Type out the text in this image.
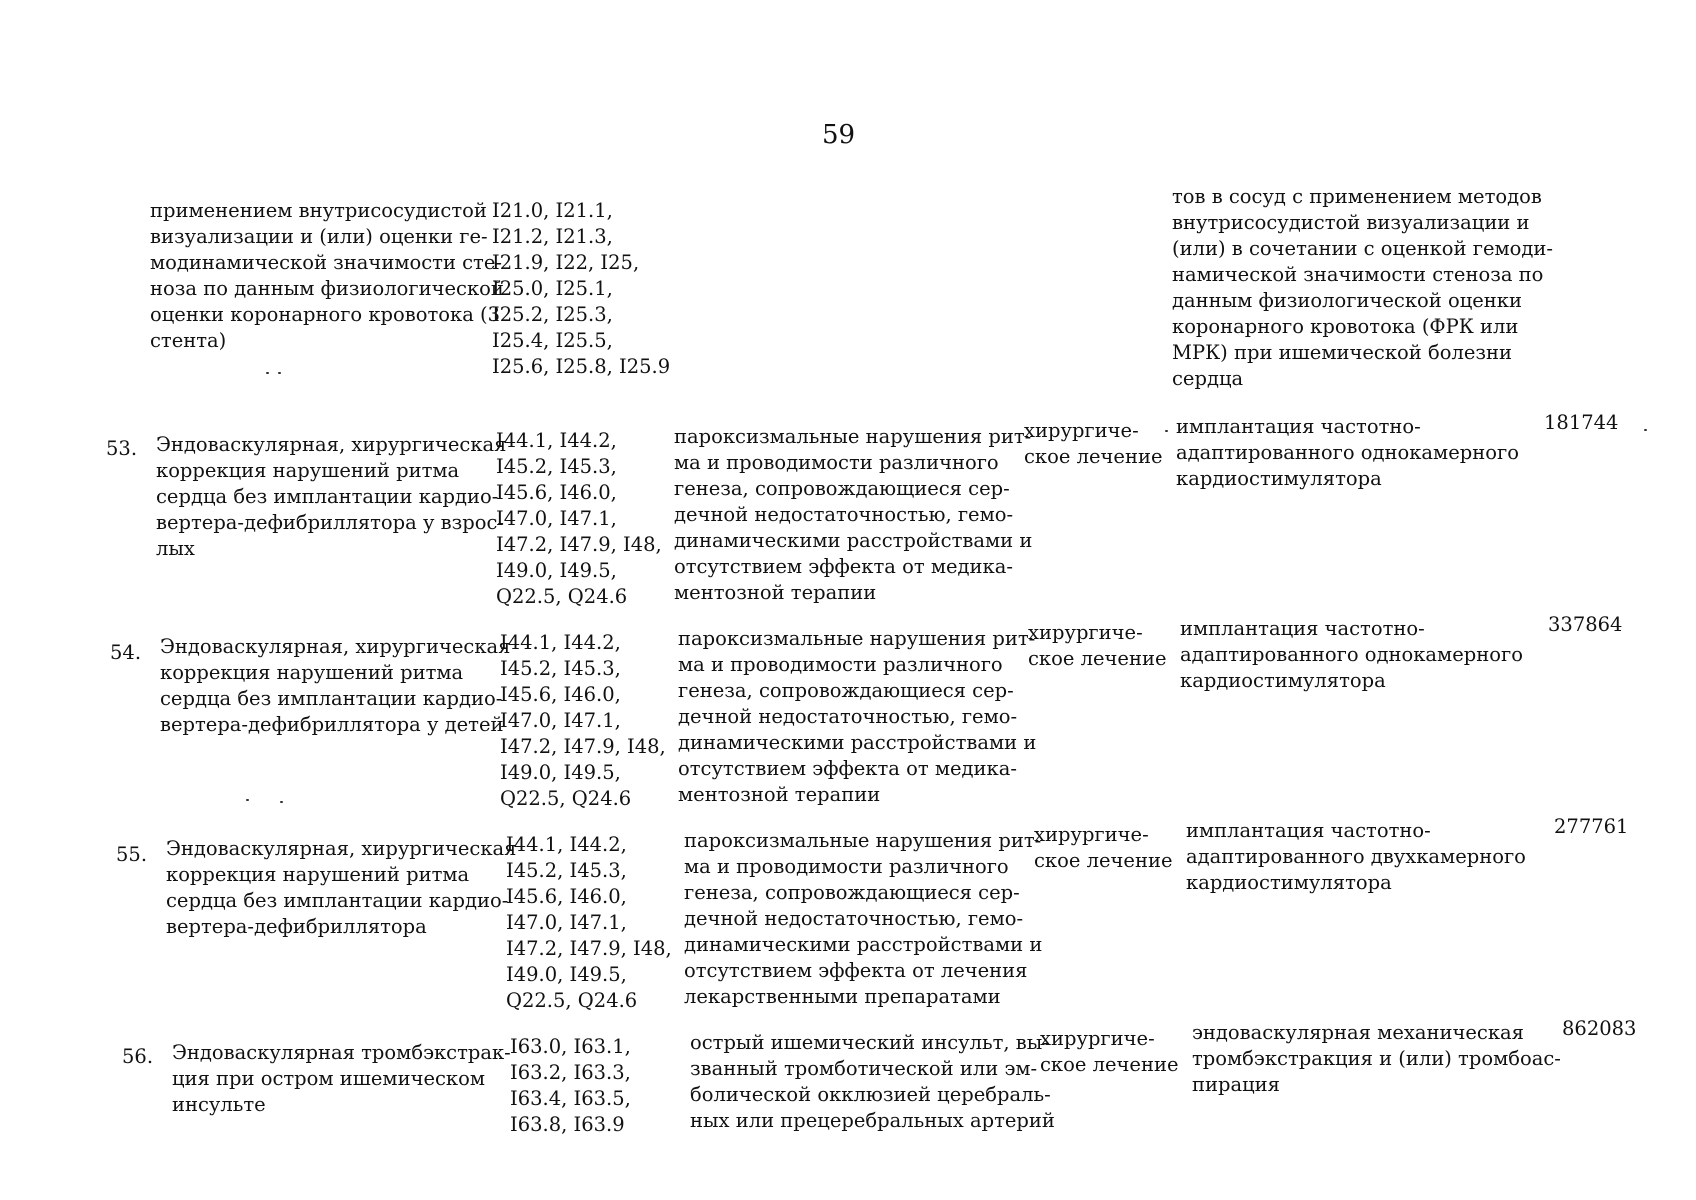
59
применением внутрисосудистой
визуализации и (или) оценки ге-
модинамической значимости сте-
ноза по данным физиологической
оценки коронарного кровотока (3
стента)
I21.0, I21.1,
I21.2, I21.3,
I21.9, I22, I25,
I25.0, I25.1,
I25.2, I25.3,
I25.4, I25.5,
I25.6, I25.8, I25.9
тов в сосуд с применением методов
внутрисосудистой визуализации и
(или) в сочетании с оценкой гемоди-
намической значимости стеноза по
данным физиологической оценки
коронарного кровотока (ФРК или
МРК) при ишемической болезни
сердца
53. Эндоваскулярная, хирургическая
коррекция нарушений ритма
сердца без имплантации кардио-
вертера-дефибриллятора у взрос-
лых
I44.1, I44.2,
I45.2, I45.3,
I45.6, I46.0,
I47.0, I47.1,
I47.2, I47.9, I48,
I49.0, I49.5,
Q22.5, Q24.6
пароксизмальные нарушения рит-
ма и проводимости различного
генеза, сопровождающиеся сер-
дечной недостаточностью, гемо-
динамическими расстройствами и
отсутствием эффекта от медика-
ментозной терапии
хирургиче-
ское лечение
имплантация частотно-
адаптированного однокамерного
кардиостимулятора
181744
54. Эндоваскулярная, хирургическая
коррекция нарушений ритма
сердца без имплантации кардио-
вертера-дефибриллятора у детей
I44.1, I44.2,
I45.2, I45.3,
I45.6, I46.0,
I47.0, I47.1,
I47.2, I47.9, I48,
I49.0, I49.5,
Q22.5, Q24.6
пароксизмальные нарушения рит-
ма и проводимости различного
генеза, сопровождающиеся сер-
дечной недостаточностью, гемо-
динамическими расстройствами и
отсутствием эффекта от медика-
ментозной терапии
хирургиче-
ское лечение
имплантация частотно-
адаптированного однокамерного
кардиостимулятора
337864
55. Эндоваскулярная, хирургическая
коррекция нарушений ритма
сердца без имплантации кардио-
вертера-дефибриллятора
I44.1, I44.2,
I45.2, I45.3,
I45.6, I46.0,
I47.0, I47.1,
I47.2, I47.9, I48,
I49.0, I49.5,
Q22.5, Q24.6
пароксизмальные нарушения рит-
ма и проводимости различного
генеза, сопровождающиеся сер-
дечной недостаточностью, гемо-
динамическими расстройствами и
отсутствием эффекта от лечения
лекарственными препаратами
хирургиче-
ское лечение
имплантация частотно-
адаптированного двухкамерного
кардиостимулятора
277761
56. Эндоваскулярная тромбэкстрак-
ция при остром ишемическом
инсульте
I63.0, I63.1,
I63.2, I63.3,
I63.4, I63.5,
I63.8, I63.9
острый ишемический инсульт, вы-
званный тромботической или эм-
болической окклюзией церебраль-
ных или прецеребральных артерий
хирургиче-
ское лечение
эндоваскулярная механическая
тромбэкстракция и (или) тромбоас-
пирация
862083
